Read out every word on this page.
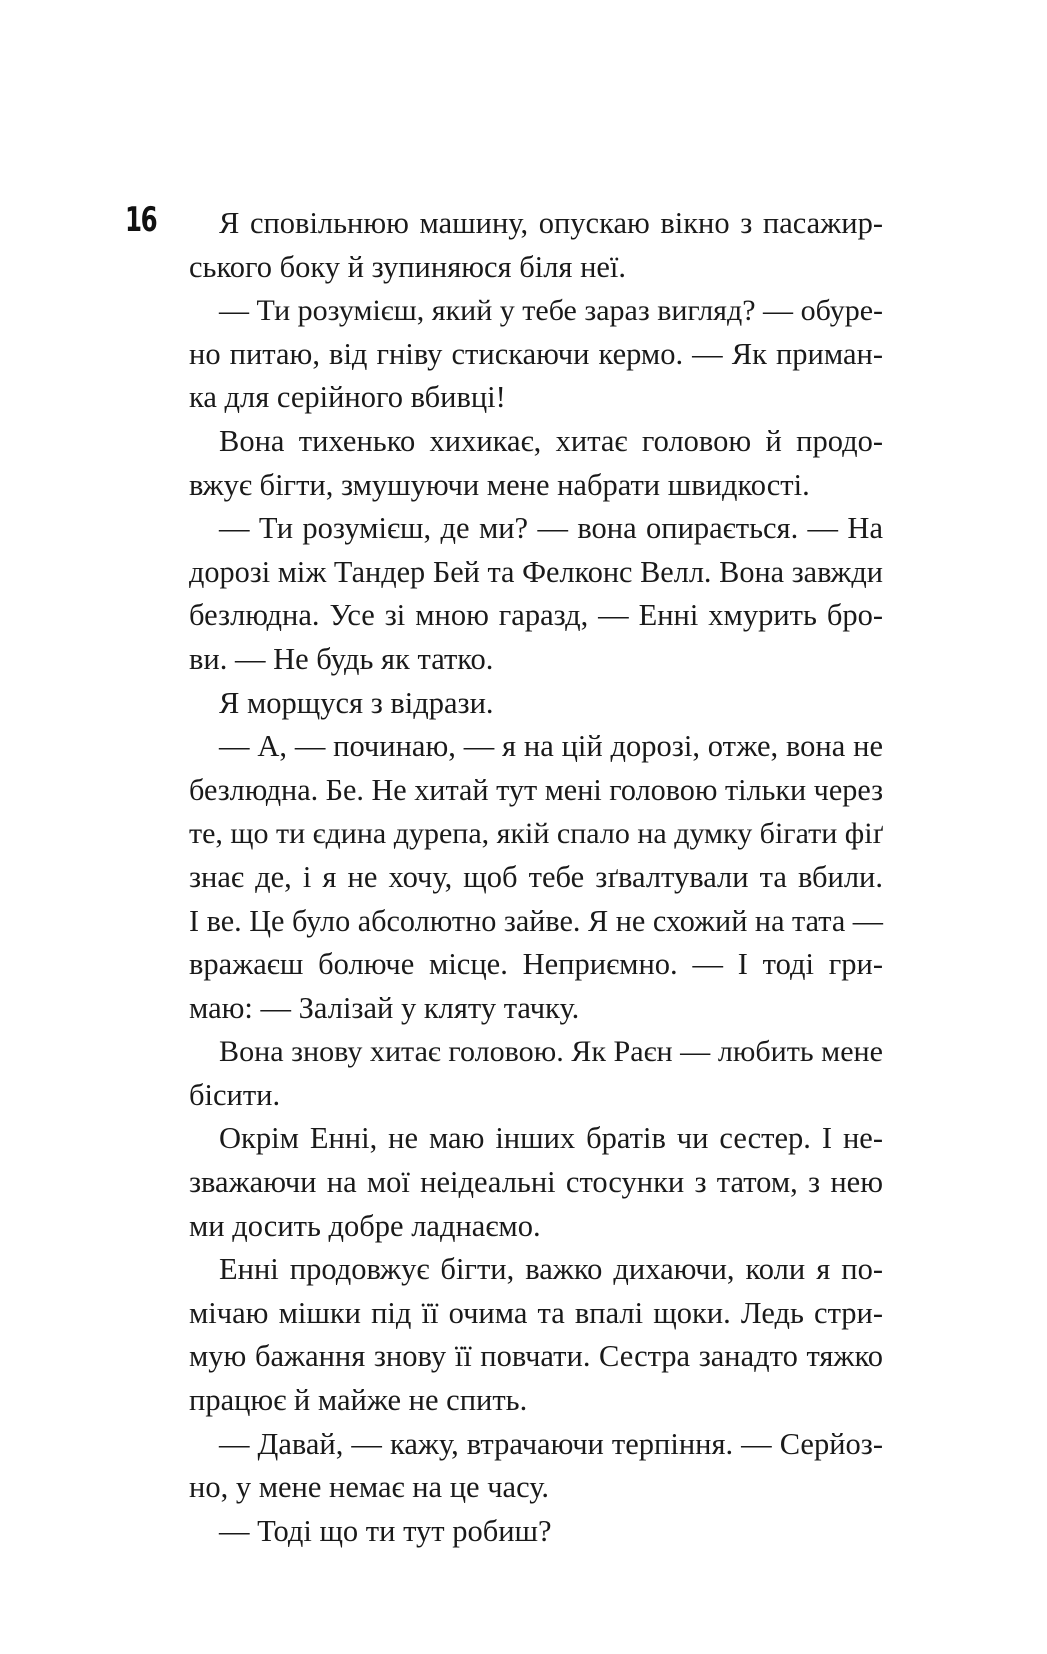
16	Я сповільнюю машину, опускаю вікно з пасажир-
ського боку й зупиняюся біля неї.
— Ти розумієш, який у тебе зараз вигляд? — обуре-
но питаю, від гніву стискаючи кермо. — Як приман-
ка для серійного вбивці!
Вона тихенько хихикає, хитає головою й продо-
вжує бігти, змушуючи мене набрати швидкості.
— Ти розумієш, де ми? — вона опирається. — На
дорозі між Тандер Бей та Фелконс Велл. Вона завжди
безлюдна. Усе зі мною гаразд, — Енні хмурить бро-
ви. — Не будь як татко.
Я морщуся з відрази.
— А, — починаю, — я на цій дорозі, отже, вона не
безлюдна. Бе. Не хитай тут мені головою тільки через
те, що ти єдина дурепа, якій спало на думку бігати фіґ
знає де, і я не хочу, щоб тебе зґвалтували та вбили.
І ве. Це було абсолютно зайве. Я не схожий на тата —
вражаєш болюче місце. Неприємно. — І тоді гри-
маю: — Залізай у кляту тачку.
Вона знову хитає головою. Як Раєн — любить мене
бісити.
Окрім Енні, не маю інших братів чи сестер. І не-
зважаючи на мої неідеальні стосунки з татом, з нею
ми досить добре ладнаємо.
Енні продовжує бігти, важко дихаючи, коли я по-
мічаю мішки під її очима та впалі щоки. Ледь стри-
мую бажання знову її повчати. Сестра занадто тяжко
працює й майже не спить.
— Давай, — кажу, втрачаючи терпіння. — Серйоз-
но, у мене немає на це часу.
— Тоді що ти тут робиш?
